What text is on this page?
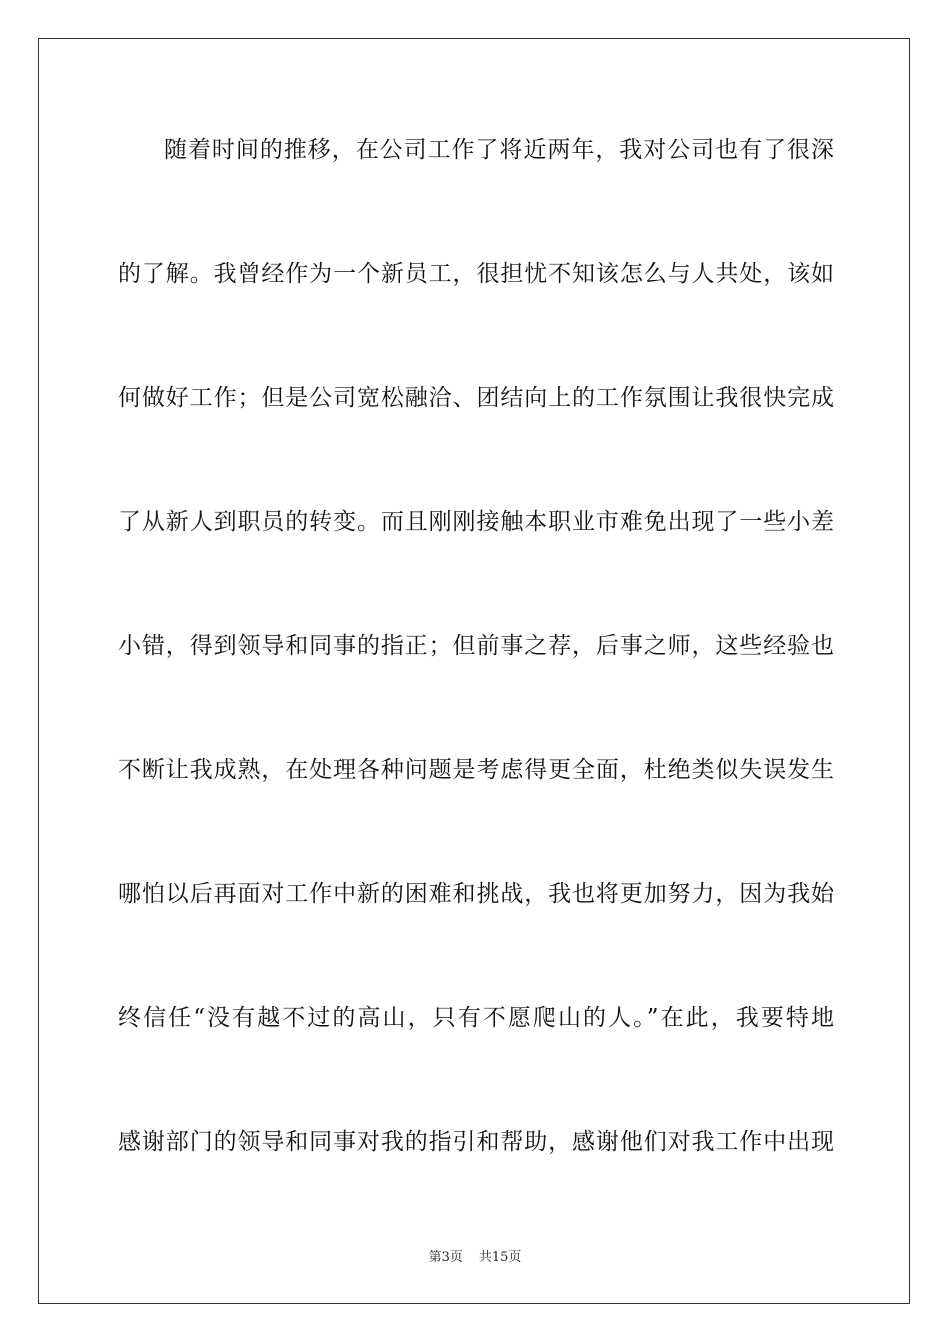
随着时间的推移，在公司工作了将近两年，我对公司也有了很深
的了解。我曾经作为一个新员工，很担忧不知该怎么与人共处，该如
何做好工作；但是公司宽松融洽、团结向上的工作氛围让我很快完成
了从新人到职员的转变。而且刚刚接触本职业市难免出现了一些小差
小错，得到领导和同事的指正；但前事之荐，后事之师，这些经验也
不断让我成熟，在处理各种问题是考虑得更全面，杜绝类似失误发生
哪怕以后再面对工作中新的困难和挑战，我也将更加努力，因为我始
终信任“没有越不过的高山，只有不愿爬山的人。”在此，我要特地
感谢部门的领导和同事对我的指引和帮助，感谢他们对我工作中出现
第3页 共15页
